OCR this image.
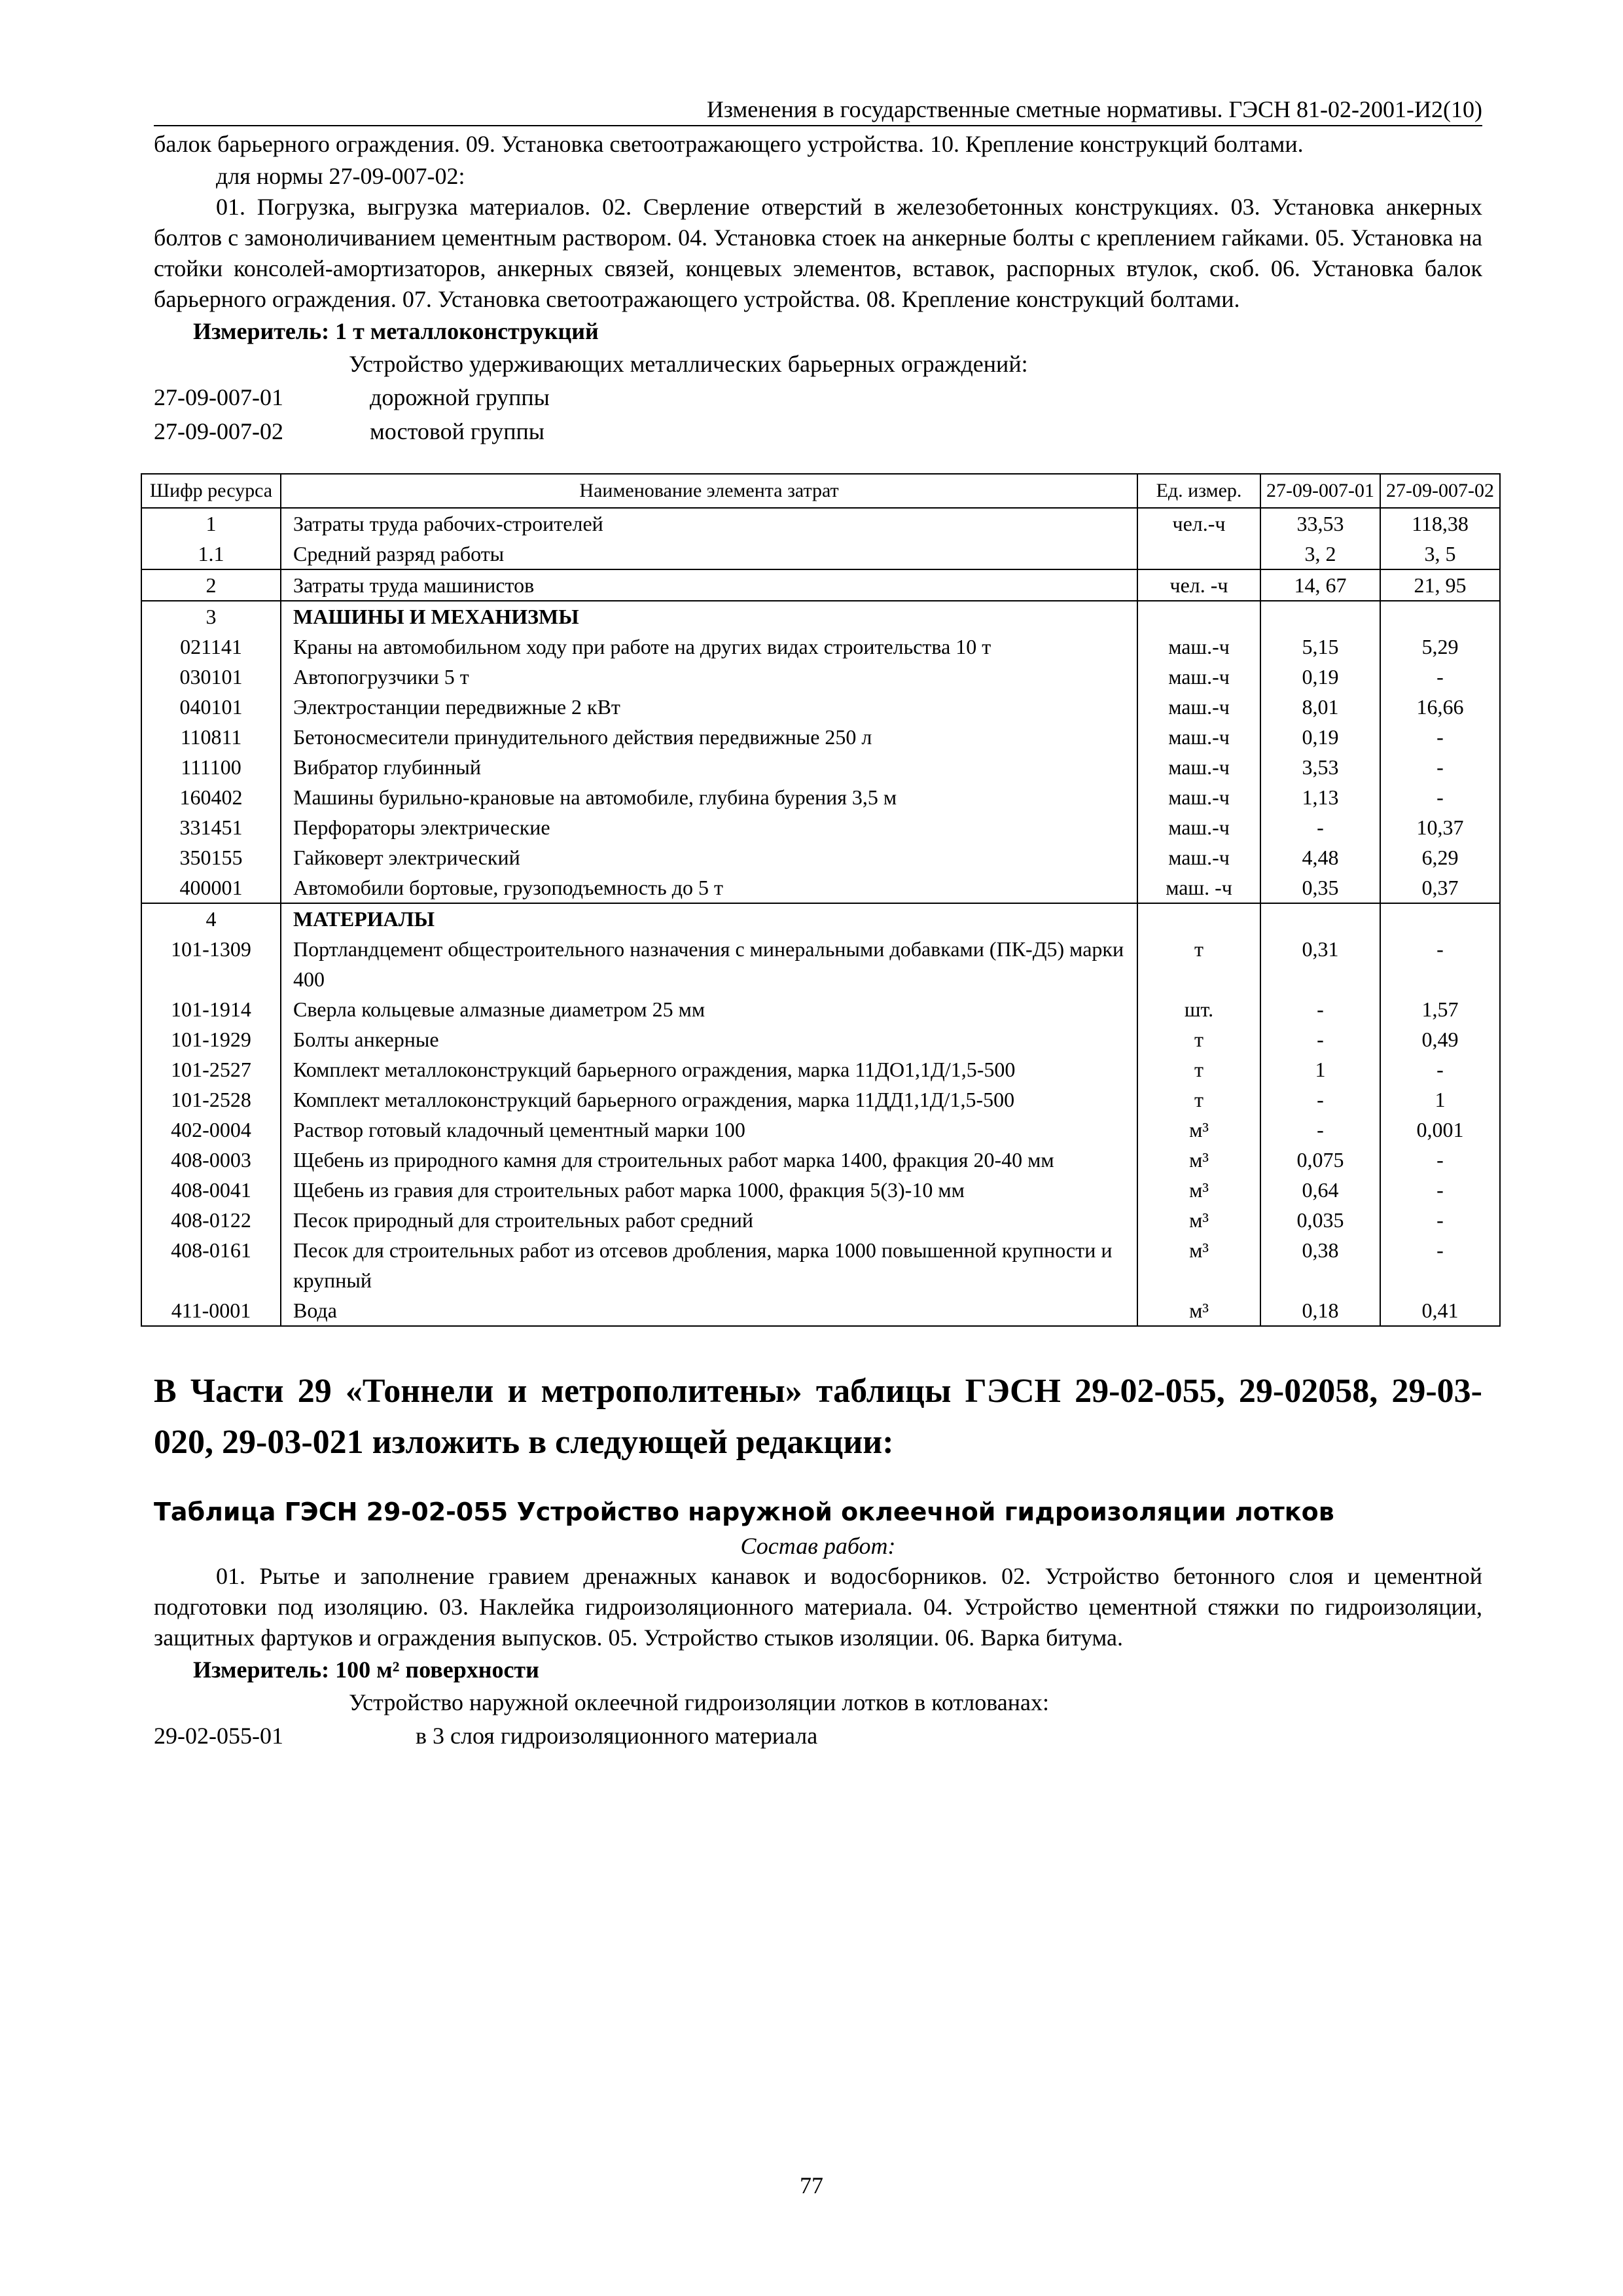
Изменения в государственные сметные нормативы. ГЭСН 81-02-2001-И2(10)

балок барьерного ограждения. 09. Установка светоотражающего устройства. 10. Крепление конструкций болтами.

для нормы 27-09-007-02:

01. Погрузка, выгрузка материалов. 02. Сверление отверстий в железобетонных конструкциях. 03. Установка анкерных болтов с замоноличиванием цементным раствором. 04. Установка стоек на анкерные болты с креплением гайками. 05. Установка на стойки консолей-амортизаторов, анкерных связей, концевых элементов, вставок, распорных втулок, скоб. 06. Установка балок барьерного ограждения. 07. Установка светоотражающего устройства. 08. Крепление конструкций болтами.

Измеритель: 1 т металлоконструкций

Устройство удерживающих металлических барьерных ограждений:

27-09-007-01	дорожной группы
27-09-007-02	мостовой группы
Шифр ресурса	Наименование элемента затрат	Ед. измер.	27-09-007-01	27-09-007-02
1	Затраты труда рабочих-строителей	чел.-ч	33,53	118,38
1.1	Средний разряд работы		3, 2	3, 5
2	Затраты труда машинистов	чел. -ч	14, 67	21, 95
3	МАШИНЫ И МЕХАНИЗМЫ			
021141	Краны на автомобильном ходу при работе на других видах строительства 10 т	маш.-ч	5,15	5,29
030101	Автопогрузчики 5 т	маш.-ч	0,19	-
040101	Электростанции передвижные 2 кВт	маш.-ч	8,01	16,66
110811	Бетоносмесители принудительного действия передвижные 250 л	маш.-ч	0,19	-
111100	Вибратор глубинный	маш.-ч	3,53	-
160402	Машины бурильно-крановые на автомобиле, глубина бурения 3,5 м	маш.-ч	1,13	-
331451	Перфораторы электрические	маш.-ч	-	10,37
350155	Гайковерт электрический	маш.-ч	4,48	6,29
400001	Автомобили бортовые, грузоподъемность до 5 т	маш. -ч	0,35	0,37
4	МАТЕРИАЛЫ			
101-1309	Портландцемент общестроительного назначения с минеральными добавками (ПК-Д5) марки 400	т	0,31	-
101-1914	Сверла кольцевые алмазные диаметром 25 мм	шт.	-	1,57
101-1929	Болты анкерные	т	-	0,49
101-2527	Комплект металлоконструкций барьерного ограждения, марка 11ДО1,1Д/1,5-500	т	1	-
101-2528	Комплект металлоконструкций барьерного ограждения, марка 11ДД1,1Д/1,5-500	т	-	1
402-0004	Раствор готовый кладочный цементный марки 100	м³	-	0,001
408-0003	Щебень из природного камня для строительных работ марка 1400, фракция 20-40 мм	м³	0,075	-
408-0041	Щебень из гравия для строительных работ марка 1000, фракция 5(3)-10 мм	м³	0,64	-
408-0122	Песок природный для строительных работ средний	м³	0,035	-
408-0161	Песок для строительных работ из отсевов дробления, марка 1000 повышенной крупности и крупный	м³	0,38	-
411-0001	Вода	м³	0,18	0,41
В Части 29 «Тоннели и метрополитены» таблицы ГЭСН 29-02-055, 29-02058, 29-03-020, 29-03-021 изложить в следующей редакции:
Таблица ГЭСН 29-02-055 Устройство наружной оклеечной гидроизоляции лотков
Состав работ:

01. Рытье и заполнение гравием дренажных канавок и водосборников. 02. Устройство бетонного слоя и цементной подготовки под изоляцию. 03. Наклейка гидроизоляционного материала. 04. Устройство цементной стяжки по гидроизоляции, защитных фартуков и ограждения выпусков. 05. Устройство стыков изоляции. 06. Варка битума.

Измеритель: 100 м² поверхности

Устройство наружной оклеечной гидроизоляции лотков в котлованах:

29-02-055-01	в 3 слоя гидроизоляционного материала
77
